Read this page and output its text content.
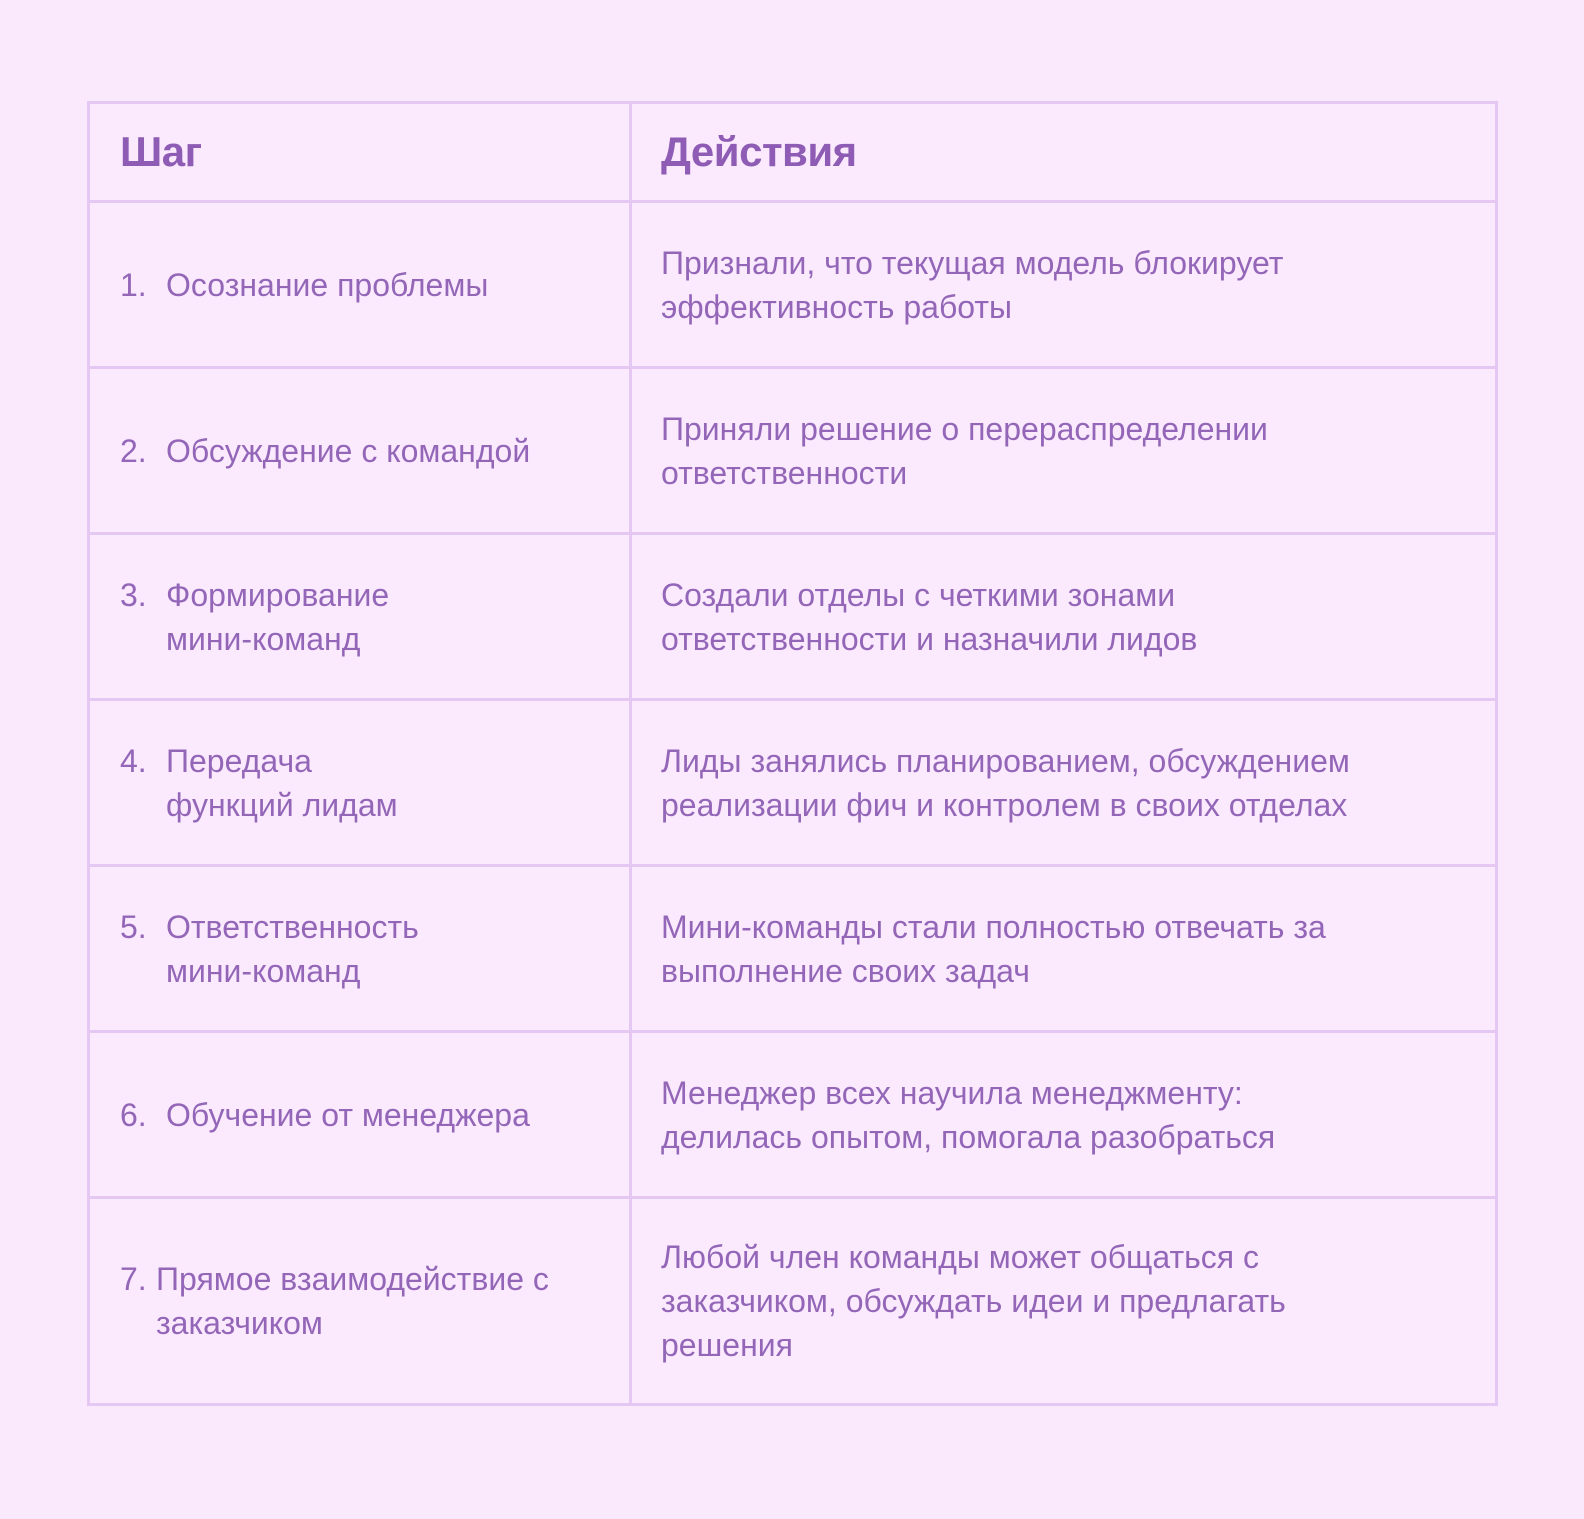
Шаг	Действия
1. Осознание проблемы
Признали, что текущая модель блокирует эффективность работы
2. Обсуждение с командой
Приняли решение о перераспределении ответственности
3. Формирование мини-команд
Создали отделы с четкими зонами ответственности и назначили лидов
4. Передача функций лидам
Лиды занялись планированием, обсуждением реализации фич и контролем в своих отделах
5. Ответственность мини-команд
Мини-команды стали полностью отвечать за выполнение своих задач
6. Обучение от менеджера
Менеджер всех научила менеджменту: делилась опытом, помогала разобраться
7. Прямое взаимодействие с заказчиком
Любой член команды может общаться с заказчиком, обсуждать идеи и предлагать решения
